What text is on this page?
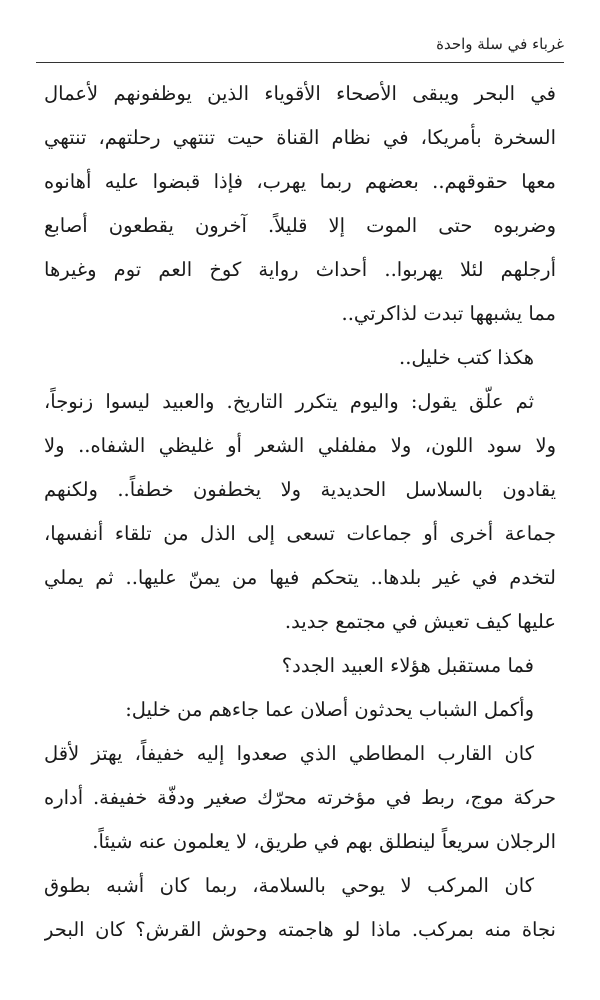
غرباء في سلة واحدة
في البحر ويبقى الأصحاء الأقوياء الذين يوظفونهم لأعمال
السخرة بأمريكا، في نظام القناة حيت تنتهي رحلتهم، تنتهي
معها حقوقهم.. بعضهم ربما يهرب، فإذا قبضوا عليه أهانوه
وضربوه حتى الموت إلا قليلاً. آخرون يقطعون أصابع
أرجلهم لئلا يهربوا.. أحداث رواية كوخ العم توم وغيرها
مما يشبهها تبدت لذاكرتي..
هكذا كتب خليل..
ثم علّق يقول: واليوم يتكرر التاريخ. والعبيد ليسوا زنوجاً،
ولا سود اللون، ولا مفلفلي الشعر أو غليظي الشفاه.. ولا
يقادون بالسلاسل الحديدية ولا يخطفون خطفاً.. ولكنهم
جماعة أخرى أو جماعات تسعى إلى الذل من تلقاء أنفسها،
لتخدم في غير بلدها.. يتحكم فيها من يمنّ عليها.. ثم يملي
عليها كيف تعيش في مجتمع جديد.
فما مستقبل هؤلاء العبيد الجدد؟
وأكمل الشباب يحدثون أصلان عما جاءهم من خليل:
كان القارب المطاطي الذي صعدوا إليه خفيفاً، يهتز لأقل
حركة موج، ربط في مؤخرته محرّك صغير ودفّة خفيفة. أداره
الرجلان سريعاً لينطلق بهم في طريق، لا يعلمون عنه شيئاً.
كان المركب لا يوحي بالسلامة، ربما كان أشبه بطوق
نجاة منه بمركب. ماذا لو هاجمته وحوش القرش؟ كان البحر
